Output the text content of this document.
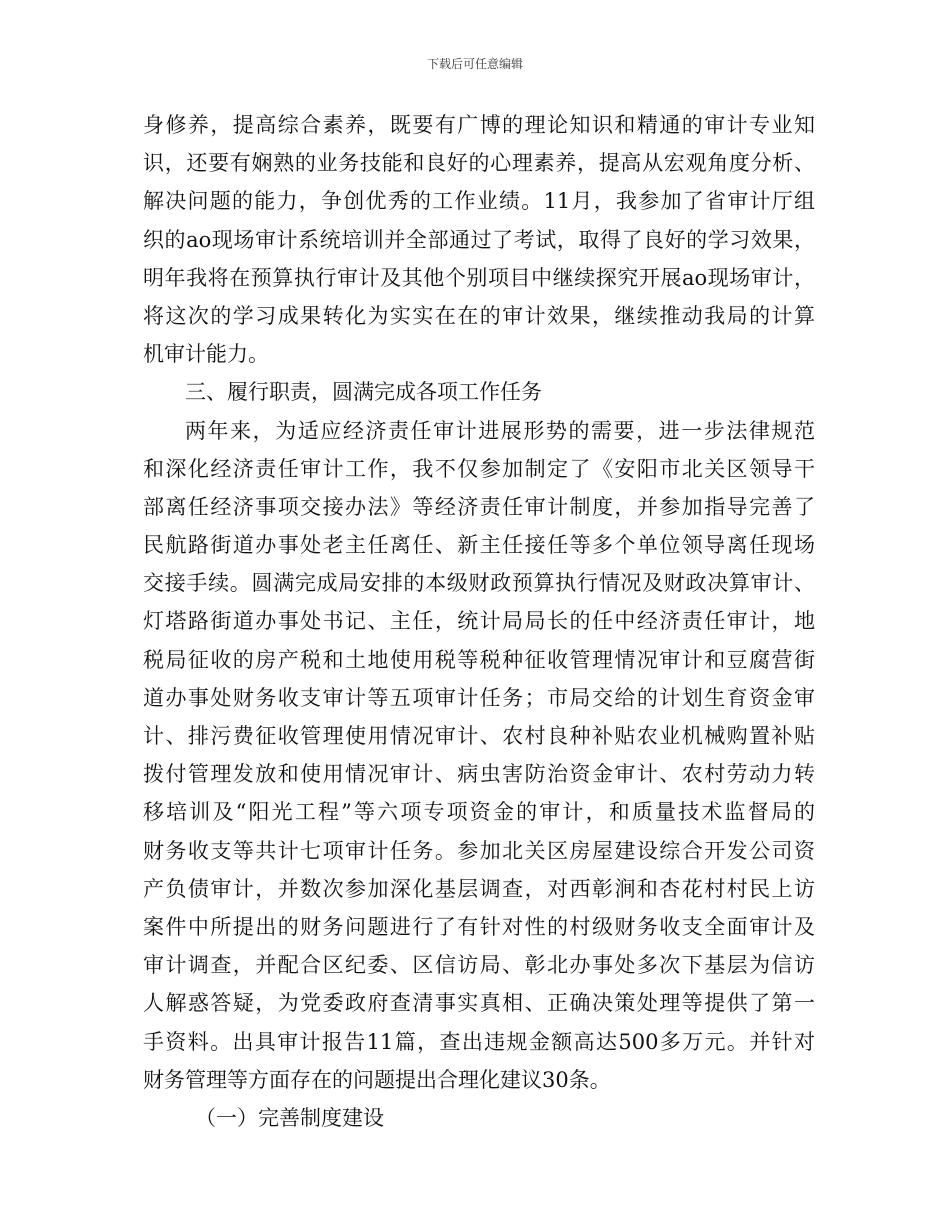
下载后可任意编辑
身修养，提高综合素养，既要有广博的理论知识和精通的审计专业知
识，还要有娴熟的业务技能和良好的心理素养，提高从宏观角度分析、
解决问题的能力，争创优秀的工作业绩。11月，我参加了省审计厅组
织的ao现场审计系统培训并全部通过了考试，取得了良好的学习效果，
明年我将在预算执行审计及其他个别项目中继续探究开展ao现场审计，
将这次的学习成果转化为实实在在的审计效果，继续推动我局的计算
机审计能力。
三、履行职责，圆满完成各项工作任务
两年来，为适应经济责任审计进展形势的需要，进一步法律规范
和深化经济责任审计工作，我不仅参加制定了《安阳市北关区领导干
部离任经济事项交接办法》等经济责任审计制度，并参加指导完善了
民航路街道办事处老主任离任、新主任接任等多个单位领导离任现场
交接手续。圆满完成局安排的本级财政预算执行情况及财政决算审计、
灯塔路街道办事处书记、主任，统计局局长的任中经济责任审计，地
税局征收的房产税和土地使用税等税种征收管理情况审计和豆腐营街
道办事处财务收支审计等五项审计任务；市局交给的计划生育资金审
计、排污费征收管理使用情况审计、农村良种补贴农业机械购置补贴
拨付管理发放和使用情况审计、病虫害防治资金审计、农村劳动力转
移培训及“阳光工程”等六项专项资金的审计，和质量技术监督局的
财务收支等共计七项审计任务。参加北关区房屋建设综合开发公司资
产负债审计，并数次参加深化基层调查，对西彰涧和杏花村村民上访
案件中所提出的财务问题进行了有针对性的村级财务收支全面审计及
审计调查，并配合区纪委、区信访局、彰北办事处多次下基层为信访
人解惑答疑，为党委政府查清事实真相、正确决策处理等提供了第一
手资料。出具审计报告11篇，查出违规金额高达500多万元。并针对
财务管理等方面存在的问题提出合理化建议30条。
（一）完善制度建设
